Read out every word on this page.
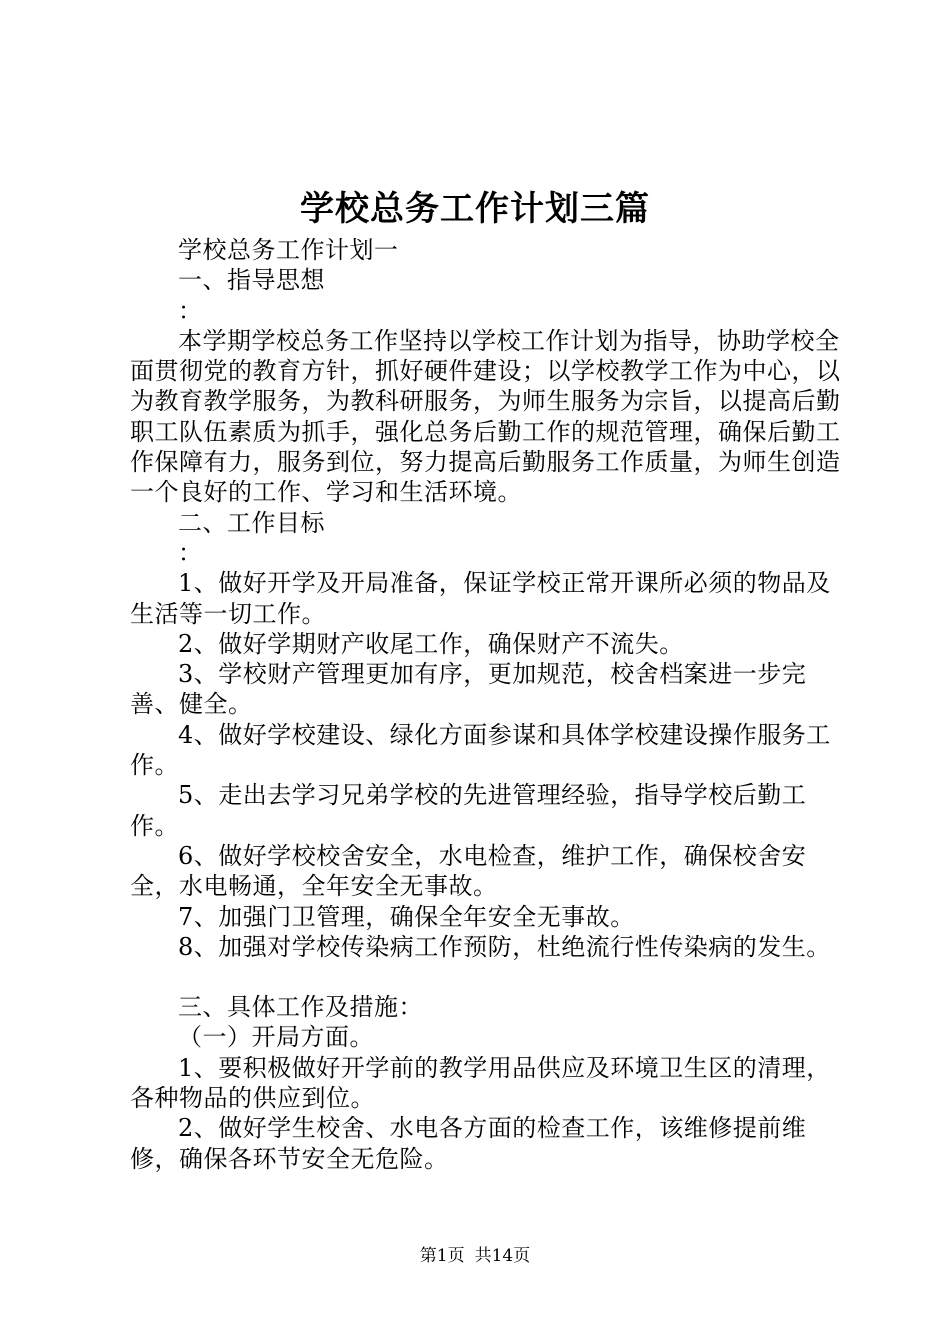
学校总务工作计划三篇

学校总务工作计划一

一、指导思想

：

本学期学校总务工作坚持以学校工作计划为指导，协助学校全面贯彻党的教育方针，抓好硬件建设；以学校教学工作为中心，以为教育教学服务，为教科研服务，为师生服务为宗旨，以提高后勤职工队伍素质为抓手，强化总务后勤工作的规范管理，确保后勤工作保障有力，服务到位，努力提高后勤服务工作质量，为师生创造一个良好的工作、学习和生活环境。

二、工作目标

：

1、做好开学及开局准备，保证学校正常开课所必须的物品及生活等一切工作。

2、做好学期财产收尾工作，确保财产不流失。

3、学校财产管理更加有序，更加规范，校舍档案进一步完善、健全。

4、做好学校建设、绿化方面参谋和具体学校建设操作服务工作。

5、走出去学习兄弟学校的先进管理经验，指导学校后勤工作。

6、做好学校校舍安全，水电检查，维护工作，确保校舍安全，水电畅通，全年安全无事故。

7、加强门卫管理，确保全年安全无事故。

8、加强对学校传染病工作预防，杜绝流行性传染病的发生。

三、具体工作及措施：

（一）开局方面。

1、要积极做好开学前的教学用品供应及环境卫生区的清理，各种物品的供应到位。

2、做好学生校舍、水电各方面的检查工作，该维修提前维修，确保各环节安全无危险。

第1页 共14页
